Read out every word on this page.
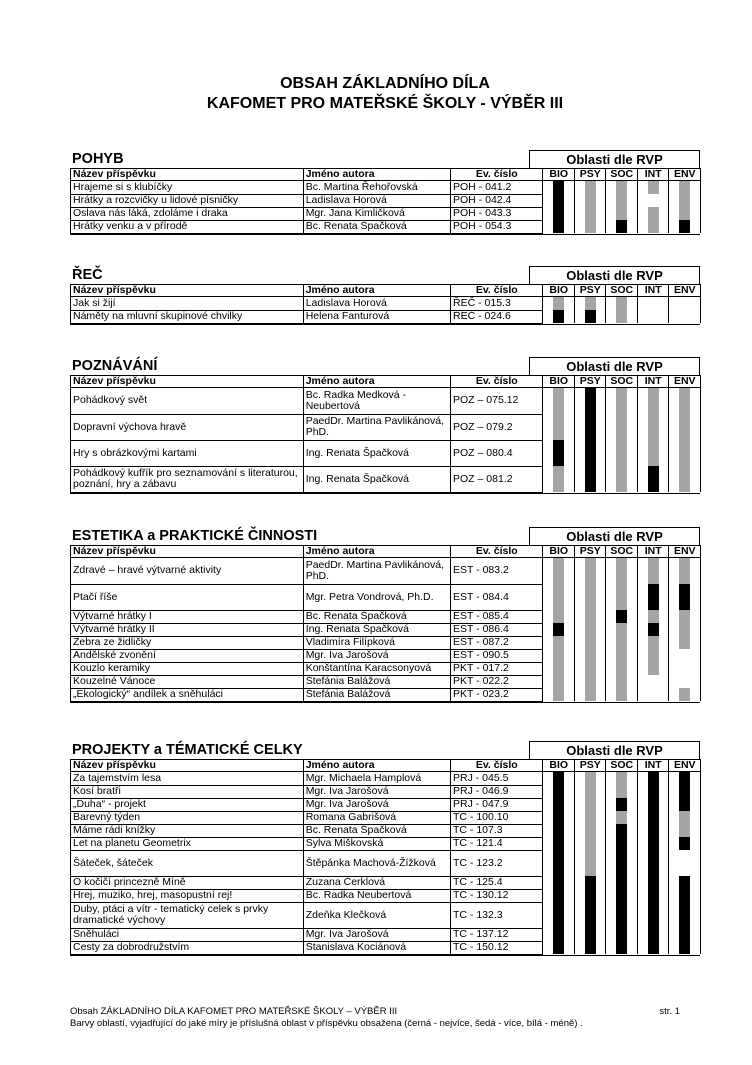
OBSAH ZÁKLADNÍHO DÍLA
KAFOMET PRO MATEŘSKÉ ŠKOLY - VÝBĚR III
POHYB	Oblasti dle RVP
Název příspěvku	Jméno autora	Ev. číslo	BIO	PSY	SOC	INT	ENV
Hrajeme si s klubíčky	Bc. Martina Řehořovská	POH - 041.2	

Hrátky a rozcvičky u lidové písničky	Ladislava Horová	POH - 042.4	

Oslava nás láká, zdoláme i draka	Mgr. Jana Kimličková	POH - 043.3	

Hrátky venku a v přírodě	Bc. Renata Špačková	POH - 054.3	

ŘEČ	Oblasti dle RVP
Název příspěvku	Jméno autora	Ev. číslo	BIO	PSY	SOC	INT	ENV
Jak si žijí	Ladislava Horová	ŘEČ - 015.3	

Náměty na mluvní skupinové chvilky	Helena Fanturová	ŘEČ - 024.6	

POZNÁVÁNÍ	Oblasti dle RVP
Název příspěvku	Jméno autora	Ev. číslo	BIO	PSY	SOC	INT	ENV
Pohádkový svět	Bc. Radka Medková - Neubertová	POZ – 075.12	

Dopravní výchova hravě	PaedDr. Martina Pavlikánová, PhD.	POZ – 079.2	

Hry s obrázkovými kartami	Ing. Renata Špačková	POZ – 080.4	

Pohádkový kufřík pro seznamování s literaturou, poznání, hry a zábavu	Ing. Renata Špačková	POZ – 081.2	

ESTETIKA a PRAKTICKÉ ČINNOSTI	Oblasti dle RVP
Název příspěvku	Jméno autora	Ev. číslo	BIO	PSY	SOC	INT	ENV
Zdravé – hravé výtvarné aktivity	PaedDr. Martina Pavlikánová, PhD.	EST - 083.2	

Ptačí říše	Mgr. Petra Vondrová, Ph.D.	EST - 084.4	

Výtvarné hrátky I	Bc. Renata Špačková	EST - 085.4	

Výtvarné hrátky II	Ing. Renata Špačková	EST - 086.4	

Zebra ze židličky	Vladimíra Filípková	EST - 087.2	

Andělské zvonění	Mgr. Iva Jarošová	EST - 090.5	

Kouzlo keramiky	Konštantína Karacsonyová	PKT - 017.2	

Kouzelné Vánoce	Štefánia Balážová	PKT - 022.2	

„Ekologický“ andílek a sněhuláci	Štefánia Balážová	PKT - 023.2	

PROJEKTY a TÉMATICKÉ CELKY	Oblasti dle RVP
Název příspěvku	Jméno autora	Ev. číslo	BIO	PSY	SOC	INT	ENV
Za tajemstvím lesa	Mgr. Michaela Hamplová	PRJ - 045.5	

Kosí bratři	Mgr. Iva Jarošová	PRJ - 046.9	

„Duha“ - projekt	Mgr. Iva Jarošová	PRJ - 047.9	

Barevný týden	Romana Gabrišová	TC - 100.10	

Máme rádi knížky	Bc. Renata Špačková	TC - 107.3	

Let na planetu Geometrix	Sylva Miškovská	TC - 121.4	

Šáteček, šáteček	Štěpánka Machová-Žížková	TC - 123.2	

O kočičí princezně Míně	Zuzana Čerklová	TC - 125.4	

Hrej, muziko, hrej, masopustní rej!	Bc. Radka Neubertová	TC - 130.12	

Duby, ptáci a vítr - tematický celek s prvky dramatické výchovy	Zdeňka Klečková	TC - 132.3	

Sněhuláci	Mgr. Iva Jarošová	TC - 137.12	

Cesty za dobrodružstvím	Stanislava Kociánová	TC - 150.12	

Obsah ZÁKLADNÍHO DÍLA KAFOMET PRO MATEŘSKÉ ŠKOLY – VÝBĚR III
Barvy oblastí, vyjadřující do jaké míry je příslušná oblast v příspěvku obsažena (černá - nejvíce, šedá - více, bílá - méně) .
str. 1
